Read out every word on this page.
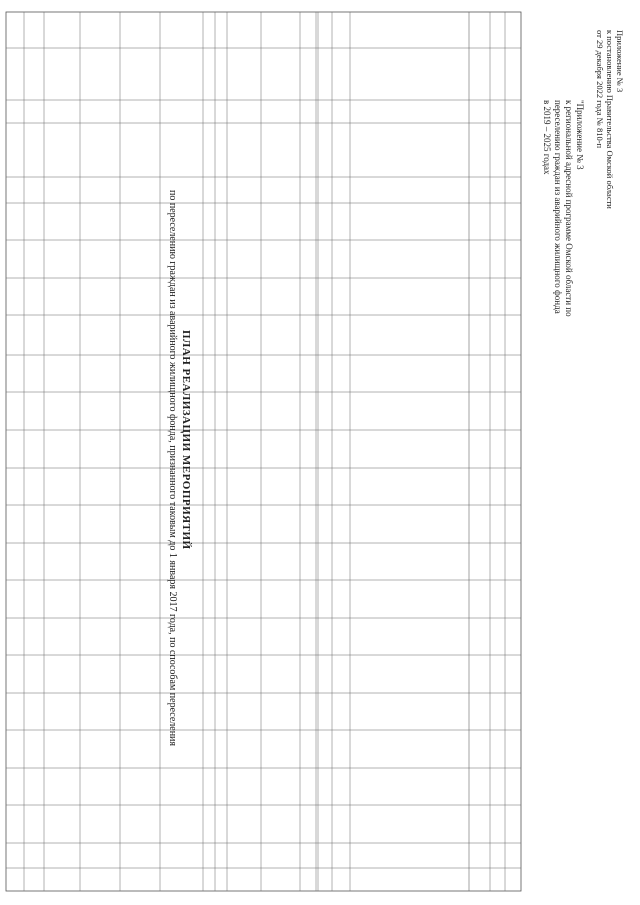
Приложение № 3
к постановлению Правительства Омской области
от 29 декабря 2022 года № 810-п
"Приложение № 3
к региональной адресной программе Омской области по
переселению граждан из аварийного жилищного фонда
в 2019 – 2025 годах
ПЛАН РЕАЛИЗАЦИИ МЕРОПРИЯТИЙ
по переселению граждан из аварийного жилищного фонда, признанного таковым до 1 января 2017 года, по способам переселения
